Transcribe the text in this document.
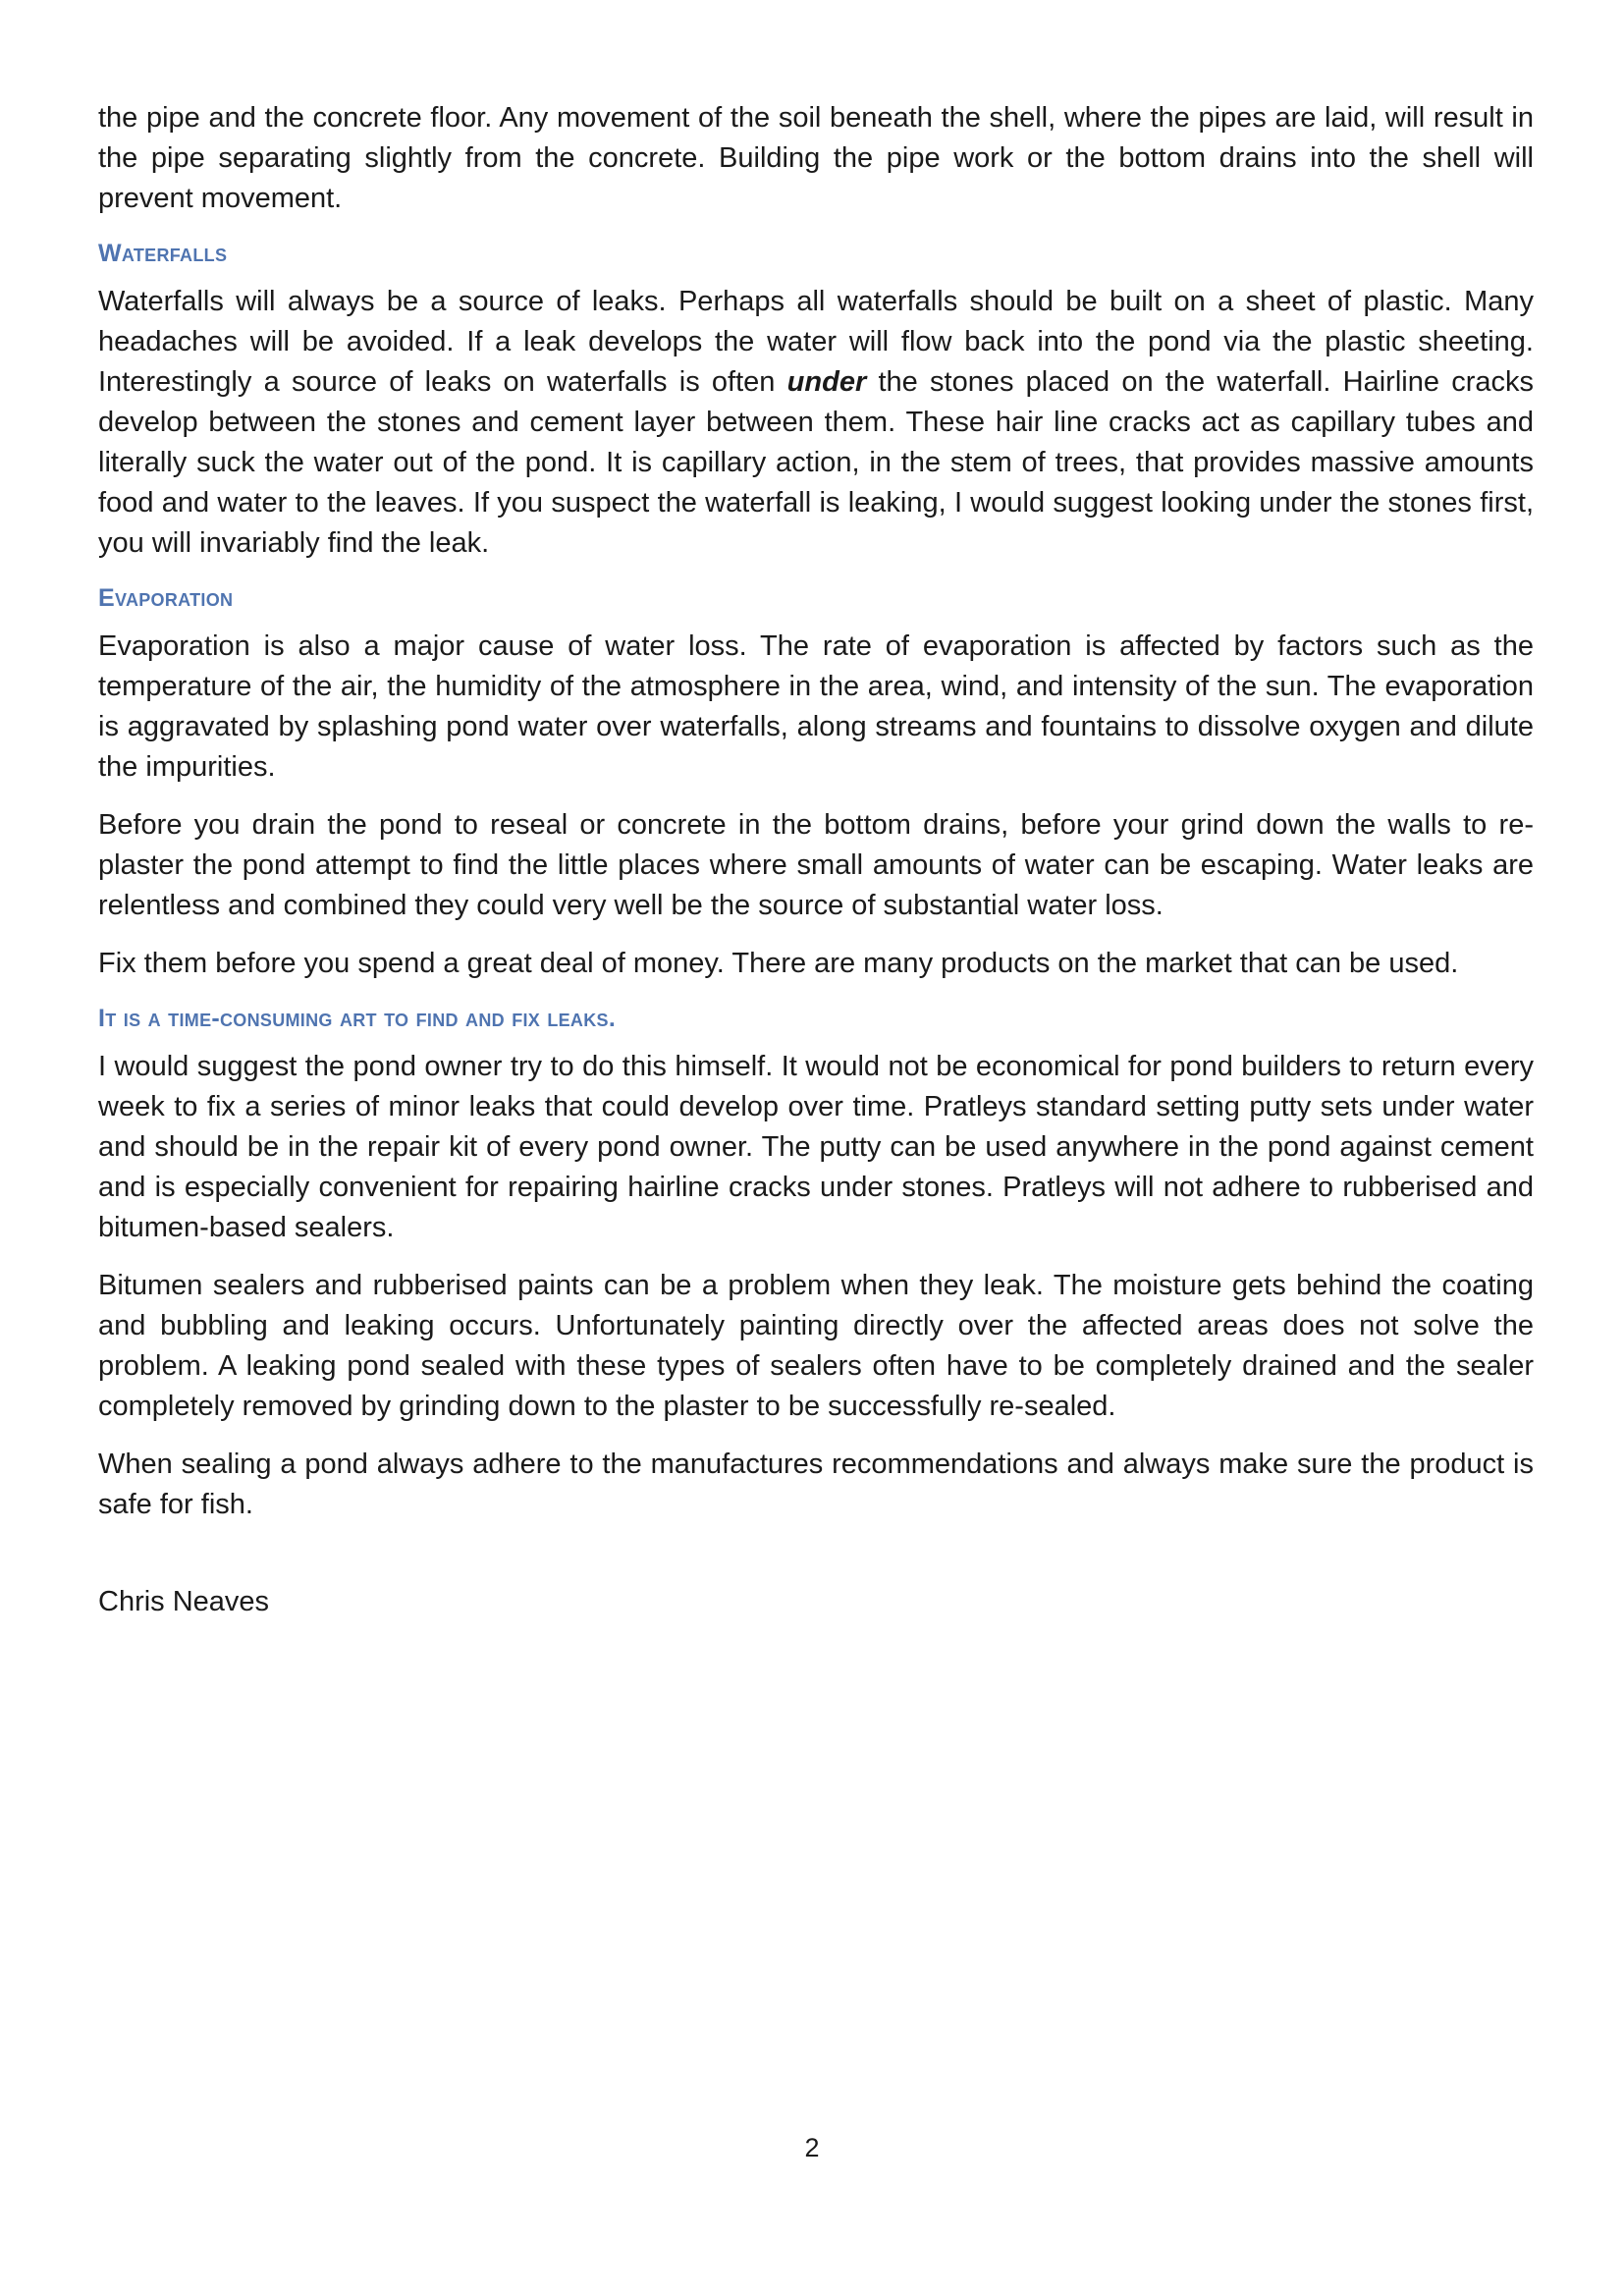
the pipe and the concrete floor. Any movement of the soil beneath the shell, where the pipes are laid, will result in the pipe separating slightly from the concrete. Building the pipe work or the bottom drains into the shell will prevent movement.

Waterfalls

Waterfalls will always be a source of leaks. Perhaps all waterfalls should be built on a sheet of plastic. Many headaches will be avoided. If a leak develops the water will flow back into the pond via the plastic sheeting. Interestingly a source of leaks on waterfalls is often under the stones placed on the waterfall. Hairline cracks develop between the stones and cement layer between them. These hair line cracks act as capillary tubes and literally suck the water out of the pond. It is capillary action, in the stem of trees, that provides massive amounts food and water to the leaves. If you suspect the waterfall is leaking, I would suggest looking under the stones first, you will invariably find the leak.

Evaporation

Evaporation is also a major cause of water loss. The rate of evaporation is affected by factors such as the temperature of the air, the humidity of the atmosphere in the area, wind, and intensity of the sun. The evaporation is aggravated by splashing pond water over waterfalls, along streams and fountains to dissolve oxygen and dilute the impurities.

Before you drain the pond to reseal or concrete in the bottom drains, before your grind down the walls to re-plaster the pond attempt to find the little places where small amounts of water can be escaping. Water leaks are relentless and combined they could very well be the source of substantial water loss.

Fix them before you spend a great deal of money. There are many products on the market that can be used.

It is a time-consuming art to find and fix leaks.

I would suggest the pond owner try to do this himself. It would not be economical for pond builders to return every week to fix a series of minor leaks that could develop over time. Pratleys standard setting putty sets under water and should be in the repair kit of every pond owner. The putty can be used anywhere in the pond against cement and is especially convenient for repairing hairline cracks under stones. Pratleys will not adhere to rubberised and bitumen-based sealers.

Bitumen sealers and rubberised paints can be a problem when they leak. The moisture gets behind the coating and bubbling and leaking occurs. Unfortunately painting directly over the affected areas does not solve the problem. A leaking pond sealed with these types of sealers often have to be completely drained and the sealer completely removed by grinding down to the plaster to be successfully re-sealed.

When sealing a pond always adhere to the manufactures recommendations and always make sure the product is safe for fish.

Chris Neaves

2
